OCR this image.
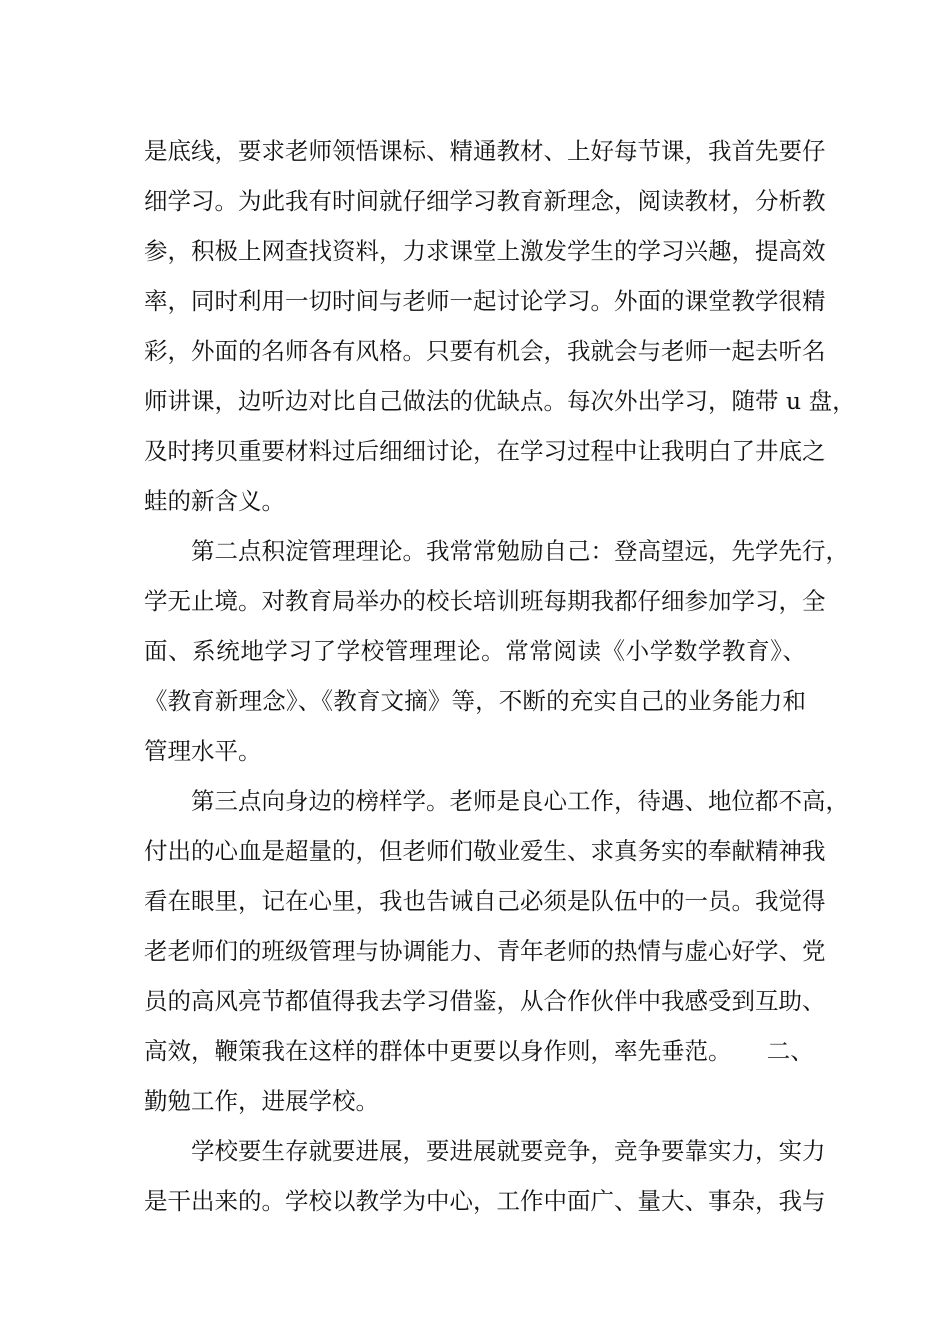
是底线，要求老师领悟课标、精通教材、上好每节课，我首先要仔
细学习。为此我有时间就仔细学习教育新理念，阅读教材，分析教
参，积极上网查找资料，力求课堂上激发学生的学习兴趣，提高效
率，同时利用一切时间与老师一起讨论学习。外面的课堂教学很精
彩，外面的名师各有风格。只要有机会，我就会与老师一起去听名
师讲课，边听边对比自己做法的优缺点。每次外出学习，随带 u 盘，
及时拷贝重要材料过后细细讨论，在学习过程中让我明白了井底之
蛙的新含义。
第二点积淀管理理论。我常常勉励自己：登高望远，先学先行，
学无止境。对教育局举办的校长培训班每期我都仔细参加学习，全
面、系统地学习了学校管理理论。常常阅读《小学数学教育》、
《教育新理念》、《教育文摘》等，不断的充实自己的业务能力和
管理水平。
第三点向身边的榜样学。老师是良心工作，待遇、地位都不高，
付出的心血是超量的，但老师们敬业爱生、求真务实的奉献精神我
看在眼里，记在心里，我也告诫自己必须是队伍中的一员。我觉得
老老师们的班级管理与协调能力、青年老师的热情与虚心好学、党
员的高风亮节都值得我去学习借鉴，从合作伙伴中我感受到互助、
高效，鞭策我在这样的群体中更要以身作则，率先垂范。　　二、
勤勉工作，进展学校。
学校要生存就要进展，要进展就要竞争，竞争要靠实力，实力
是干出来的。学校以教学为中心，工作中面广、量大、事杂，我与
